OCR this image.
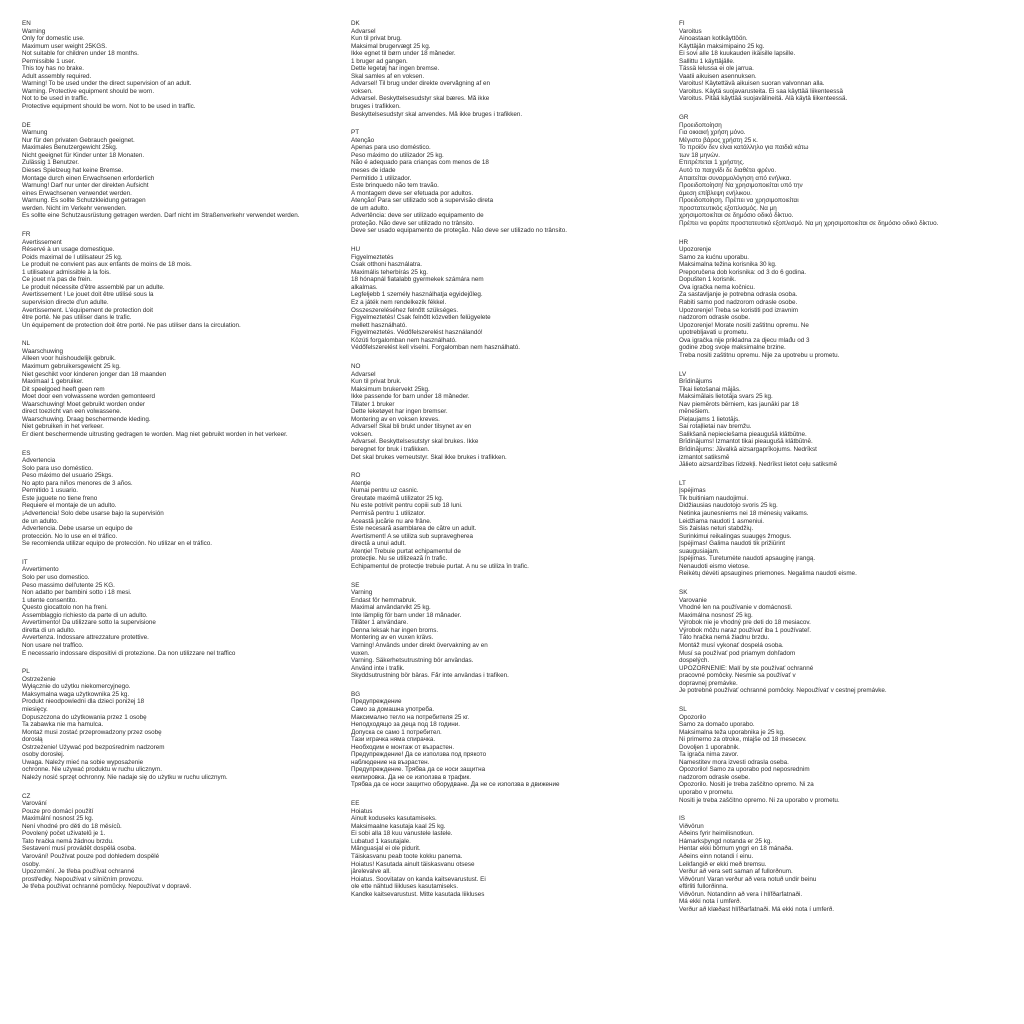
EN
Warning
Only for domestic use.
Maximum user weight 25KGS.
Not suitable for children under 18 months.
Permissible 1 user.
This toy has no brake.
Adult assembly required.
Warning! To be used under the direct supervision of an adult.
Warning. Protective equipment should be worn.
Not to be used in traffic.
Protective equipment should be worn. Not to be used in traffic.
DE
Warnung
Nur für den privaten Gebrauch geeignet.
Maximales Benutzergewicht 25kg.
Nicht geeignet für Kinder unter 18 Monaten.
Zulässig 1 Benutzer.
Dieses Spielzeug hat keine Bremse.
Montage durch einen Erwachsenen erforderlich
Warnung! Darf nur unter der direkten Aufsicht
eines Erwachsenen verwendet werden.
Warnung. Es sollte Schutzkleidung getragen
werden. Nicht im Verkehr verwenden.
Es sollte eine Schutzausrüstung getragen werden. Darf nicht im Straßenverkehr verwendet werden.
FR
Avertissement
Réservé à un usage domestique.
Poids maximal de l utilisateur 25 kg.
Le produit ne convient pas aux enfants de moins de 18 mois.
1 utilisateur admissible à la fois.
Ce jouet n'a pas de frein.
Le produit nécessite d'être assemblé par un adulte.
Avertissement ! Le jouet doit être utilisé sous la
supervision directe d'un adulte.
Avertissement. L'équipement de protection doit
être porté. Ne pas utiliser dans le trafic.
Un équipement de protection doit être porté. Ne pas utiliser dans la circulation.
NL
Waarschuwing
Alleen voor huishoudelijk gebruik.
Maximum gebruikersgewicht 25 kg.
Niet geschikt voor kinderen jonger dan 18 maanden
Maximaal 1 gebruiker.
Dit speelgoed heeft geen rem
Moet door een volwassene worden gemonteerd
Waarschuwing! Moet gebruikt worden onder
direct toezicht van een volwassene.
Waarschuwing. Draag beschermende kleding.
Niet gebruiken in het verkeer.
Er dient beschermende uitrusting gedragen te worden. Mag niet gebruikt worden in het verkeer.
ES
Advertencia
Solo para uso doméstico.
Peso máximo del usuario 25kgs.
No apto para niños menores de 3 años.
Permitido 1 usuario.
Este juguete no tiene freno
Requiere el montaje de un adulto.
¡Advertencia! Solo debe usarse bajo la supervisión
de un adulto.
Advertencia. Debe usarse un equipo de
protección. No lo use en el tráfico.
Se recomienda utilizar equipo de protección. No utilizar en el tráfico.
IT
Avvertimento
Solo per uso domestico.
Peso massimo dell'utente 25 KG.
Non adatto per bambini sotto i 18 mesi.
1 utente consentito.
Questo giocattolo non ha freni.
Assemblaggio richiesto da parte di un adulto.
Avvertimento! Da utilizzare sotto la supervisione
diretta di un adulto.
Avvertenza. Indossare attrezzature protettive.
Non usare nel traffico.
È necessario indossare dispositivi di protezione. Da non utilizzare nel traffico
PL
Ostrzeżenie
Wyłącznie do użytku niekomercyjnego.
Maksymalna waga użytkownika 25 kg.
Produkt nieodpowiedni dla dzieci poniżej 18
miesięcy.
Dopuszczona do użytkowania przez 1 osobę
Ta zabawka nie ma hamulca.
Montaż musi zostać przeprowadzony przez osobę
dorosłą
Ostrzeżenie! Używać pod bezpośrednim nadzorem
osoby dorosłej.
Uwaga. Należy mieć na sobie wyposażenie
ochronne. Nie używać produktu w ruchu ulicznym.
Należy nosić sprzęt ochronny. Nie nadaje się do użytku w ruchu ulicznym.
CZ
Varování
Pouze pro domácí použití
Maximální nosnost 25 kg.
Není vhodné pro děti do 18 měsíců.
Povolený počet uživatelů je 1.
Tato hračka nemá žádnou brzdu.
Sestavení musí provádět dospělá osoba.
Varování! Používat pouze pod dohledem dospělé
osoby.
Upozornění. Je třeba používat ochranné
prostředky. Nepoužívat v silničním provozu.
Je třeba používat ochranné pomůcky. Nepoužívat v dopravě.
DK
Advarsel
Kun til privat brug.
Maksimal brugervægt 25 kg.
Ikke egnet til børn under 18 måneder.
1 bruger ad gangen.
Dette legetøj har ingen bremse.
Skal samles af en voksen.
Advarsel! Til brug under direkte overvågning af en
voksen.
Advarsel. Beskyttelsesudstyr skal bæres. Må ikke
bruges i trafikken.
Beskyttelsesudstyr skal anvendes. Må ikke bruges i trafikken.
PT
Atenção
Apenas para uso doméstico.
Peso máximo do utilizador 25 kg.
Não é adequado para crianças com menos de 18
meses de idade
Permitido 1 utilizador.
Este brinquedo não tem travão.
A montagem deve ser efetuada por adultos.
Atenção! Para ser utilizado sob a supervisão direta
de um adulto.
Advertência: deve ser utilizado equipamento de
proteção. Não deve ser utilizado no trânsito.
Deve ser usado equipamento de proteção. Não deve ser utilizado no trânsito.
HU
Figyelmeztetés
Csak otthoni használatra.
Maximális teherbírás 25 kg.
18 hónapnál fiatalabb gyermekek számára nem
alkalmas.
Legfeljebb 1 személy használhatja egyidejűleg.
Ez a játék nem rendelkezik fékkel.
Összeszereléséhez felnőtt szükséges.
Figyelmeztetés! Csak felnőtt közvetlen felügyelete
mellett használható.
Figyelmeztetés. Védőfelszerelést használandó!
Közúti forgalomban nem használható.
Védőfelszerelést kell viselni. Forgalomban nem használható.
NO
Advarsel
Kun til privat bruk.
Maksimum brukervekt 25kg.
Ikke passende for barn under 18 måneder.
Tillater 1 bruker
Dette leketøyet har ingen bremser.
Montering av en voksen kreves.
Advarsel! Skal bli brukt under tilsynet av en
voksen.
Advarsel. Beskyttelsesutstyr skal brukes. Ikke
beregnet for bruk i trafikken.
Det skal brukes verneutstyr. Skal ikke brukes i trafikken.
RO
Atenție
Numai pentru uz casnic.
Greutate maximă utilizator 25 kg.
Nu este potrivit pentru copiii sub 18 luni.
Permisă pentru 1 utilizator.
Această jucărie nu are frâne.
Este necesară asamblarea de către un adult.
Avertisment! A se utiliza sub supravegherea
directă a unui adult.
Atenție! Trebuie purtat echipamentul de
protecție. Nu se utilizează în trafic.
Echipamentul de protecție trebuie purtat. A nu se utiliza în trafic.
SE
Varning
Endast för hemmabruk.
Maximal användarvikt 25 kg.
Inte lämplig för barn under 18 månader.
Tillåter 1 användare.
Denna leksak har ingen broms.
Montering av en vuxen krävs.
Varning! Används under direkt övervakning av en
vuxen.
Varning. Säkerhetsutrustning bör användas.
Använd inte i trafik.
Skyddsutrustning bör bäras. Får inte användas i trafiken.
BG
Предупреждение
Само за домашна употреба.
Максимално тегло на потребителя 25 кг.
Неподходящо за деца под 18 години.
Допуска се само 1 потребител.
Тази играчка няма спирачка.
Необходим е монтаж от възрастен.
Предупреждение! Да се използва под прякото
наблюдение на възрастен.
Предупреждение. Трябва да се носи защитна
екипировка. Да не се използва в трафик.
Трябва да се носи защитно оборудване. Да не се използва в движение
EE
Hoiatus
Ainult koduseks kasutamiseks.
Maksimaalne kasutaja kaal 25 kg.
Ei sobi alla 18 kuu vanustele lastele.
Lubatud 1 kasutajale.
Mänguasjal ei ole pidurit.
Täiskasvanu peab toote kokku panema.
Hoiatus! Kasutada ainult täiskasvanu otsese
järelevalve all.
Hoiatus. Soovitatav on kanda kaitsevarustust. Ei
ole ette nähtud liikluses kasutamiseks.
Kandke kaitsevarustust. Mitte kasutada liikluses
FI
Varoitus
Ainoastaan kotikäyttöön.
Käyttäjän maksimipaino 25 kg.
Ei sovi alle 18 kuukauden ikäisille lapsille.
Sallittu 1 käyttäjälle.
Tässä lelussa ei ole jarrua.
Vaatii aikuisen asennuksen.
Varoitus! Käytettävä aikuisen suoran valvonnan alla.
Varoitus. Käytä suojavarusteita. Ei saa käyttää liikenteessä
Varoitus. Pitää käyttää suojavälineitä. Älä käytä liikenteessä.
GR
Προειδοποίηση
Για οικιακή χρήση μόνο.
Μέγιστο βάρος χρήστη 25 κ.
Το προϊόν δεν είναι κατάλληλο για παιδιά κάτω
των 18 μηνών.
Επιτρέπεται 1 χρήστης.
Αυτό το παιχνίδι δε διαθέτει φρένο.
Απαιτείται συναρμολόγηση από ενήλικα.
Προειδοποίηση! Να χρησιμοποιείται υπό την
άμεση επίβλεψη ενήλικου.
Προειδοποίηση. Πρέπει να χρησιμοποιείται
προστατευτικός εξοπλισμός. Να μη
χρησιμοποιείται σε δημόσιο οδικό δίκτυο.
Πρέπει να φοράτε προστατευτικό εξοπλισμό. Να μη χρησιμοποιείται σε δημόσιο οδικό δίκτυο.
HR
Upozorenje
Samo za kućnu uporabu.
Maksimalna težina korisnika 30 kg.
Preporučena dob korisnika: od 3 do 6 godina.
Dopušten 1 korisnik.
Ova igračka nema kočnicu.
Za sastavljanje je potrebna odrasla osoba.
Rabiti samo pod nadzorom odrasle osobe.
Upozorenje! Treba se koristiti pod izravnim
nadzorom odrasle osobe.
Upozorenje! Morate nositi zaštitnu opremu. Ne
upotrebljavati u prometu.
Ova igračka nije prikladna za djecu mlađu od 3
godine zbog svoje maksimalne brzine.
Treba nositi zaštitnu opremu. Nije za upotrebu u prometu.
LV
Brīdinājums
Tikai lietošanai mājās.
Maksimālais lietotāja svars 25 kg.
Nav piemērots bērniem, kas jaunāki par 18
mēnešiem.
Pieļaujams 1 lietotājs.
Šai rotaļlietai nav bremžu.
Salikšanā nepieciešama pieaugušā klātbūtne.
Brīdinājums! Izmantot tikai pieaugušā klātbūtnē.
Brīdinājums: Jāvalkā aizsargaprīkojums. Nedrīkst
izmantot satiksmē
Jālieto aizsardzības līdzekļi. Nedrīkst lietot ceļu satiksmē
LT
Įspėjimas
Tik buitiniam naudojimui.
Didžiausias naudotojo svoris 25 kg.
Netinka jaunesniems nei 18 mėnesių vaikams.
Leidžiama naudoti 1 asmeniui.
Šis žaislas neturi stabdžių.
Surinkimui reikalingas suaugęs žmogus.
Įspėjimas! Galima naudoti tik prižiūrint
suaugusiajam.
Įspėjimas. Turetumėte naudoti apsauginę įrangą.
Nenaudoti eismo vietose.
Reikėtų dėvėti apsaugines priemones. Negalima naudoti eisme.
SK
Varovanie
Vhodné len na používanie v domácnosti.
Maximálna nosnosť 25 kg.
Výrobok nie je vhodný pre deti do 18 mesiacov.
Výrobok môžu naraz používať iba 1 používateľ.
Táto hračka nemá žiadnu brzdu.
Montáž musí vykonať dospelá osoba.
Musí sa používať pod priamym dohľadom
dospelých.
UPOZORNENIE: Malí by ste používať ochranné
pracovné pomôcky. Nesmie sa používať v
dopravnej premávke.
Je potrebné používať ochranné pomôcky. Nepoužívať v cestnej premávke.
SL
Opozorilo
Samo za domačo uporabo.
Maksimalna teža uporabnika je 25 kg.
Ni primerno za otroke, mlajše od 18 mesecev.
Dovoljen 1 uporabnik.
Ta igrača nima zavor.
Namestitev mora izvesti odrasla oseba.
Opozorilo! Samo za uporabo pod neposrednim
nadzorom odrasle osebe.
Opozorilo. Nositi je treba zaščitno opremo. Ni za
uporabo v prometu.
Nositi je treba zaščitno opremo. Ni za uporabo v prometu.
IS
Viðvörun
Aðeins fyrir heimilisnotkun.
Hámarksþyngd notanda er 25 kg.
Hentar ekki börnum yngri en 18 mánaða.
Aðeins einn notandi í einu.
Leikfangið er ekki með bremsu.
Verður að vera sett saman af fullorðnum.
Viðvörun! Varan verður að vera notuð undir beinu
eftirliti fullorðinna.
Viðvörun. Notandinn að vera í hlífðarfatnaði.
Má ekki nota í umferð.
Verður að klæðast hlífðarfatnaði. Má ekki nota í umferð.
